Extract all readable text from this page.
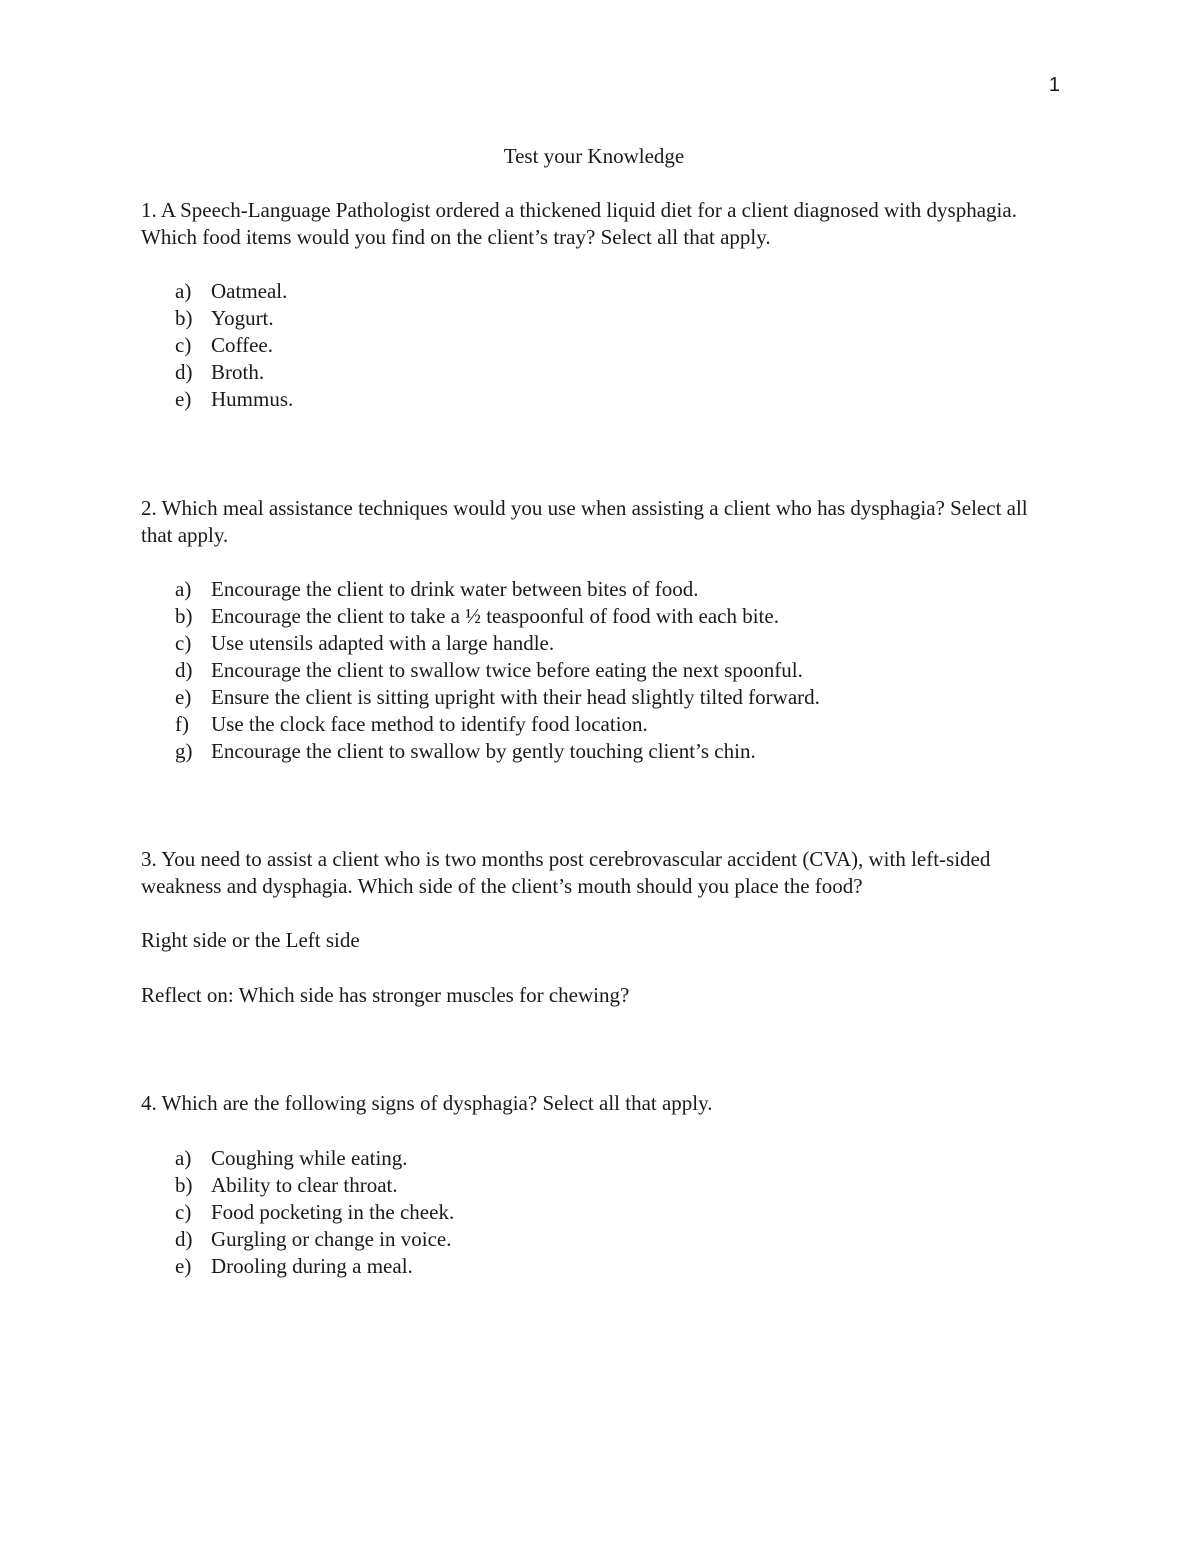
1
Test your Knowledge

1. A Speech-Language Pathologist ordered a thickened liquid diet for a client diagnosed with dysphagia. Which food items would you find on the client’s tray? Select all that apply.

a) Oatmeal.
b) Yogurt.
c) Coffee.
d) Broth.
e) Hummus.

2. Which meal assistance techniques would you use when assisting a client who has dysphagia? Select all that apply.

a) Encourage the client to drink water between bites of food.
b) Encourage the client to take a ½ teaspoonful of food with each bite.
c) Use utensils adapted with a large handle.
d) Encourage the client to swallow twice before eating the next spoonful.
e) Ensure the client is sitting upright with their head slightly tilted forward.
f) Use the clock face method to identify food location.
g) Encourage the client to swallow by gently touching client’s chin.

3. You need to assist a client who is two months post cerebrovascular accident (CVA), with left-sided weakness and dysphagia. Which side of the client’s mouth should you place the food?

Right side or the Left side

Reflect on: Which side has stronger muscles for chewing?

4. Which are the following signs of dysphagia? Select all that apply.

a) Coughing while eating.
b) Ability to clear throat.
c) Food pocketing in the cheek.
d) Gurgling or change in voice.
e) Drooling during a meal.
